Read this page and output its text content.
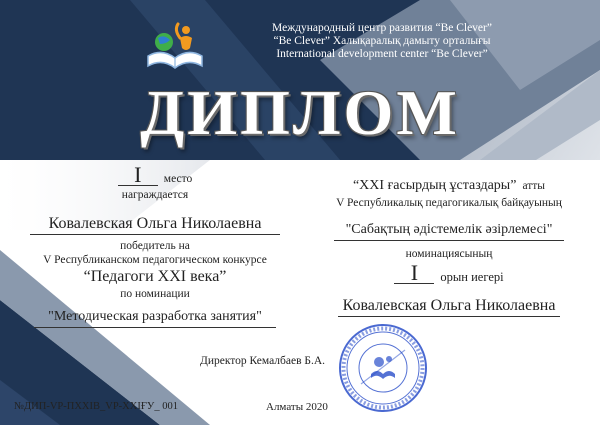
Международный центр развития “Be Clever”
“Be Clever” Халықаралық дамыту орталығы
International development center “Be Clever”
ДИПЛОМ
I	место
награждается
Ковалевская Ольга Николаевна
победитель на
V Республиканском педагогическом конкурсе
“Педагоги XXI века”
по номинации
"Методическая разработка занятия"
“XXI ғасырдың ұстаздары” атты
V Республикалық педагогикалық байқауының
"Сабақтың әдістемелік әзірлемесі"
номинациясының
I	орын иегері
Ковалевская Ольга Николаевна
Директор Кемалбаев Б.А.
№ДИП-VP-ПХХІВ_VP-XXIҒУ_ 001	Алматы 2020
